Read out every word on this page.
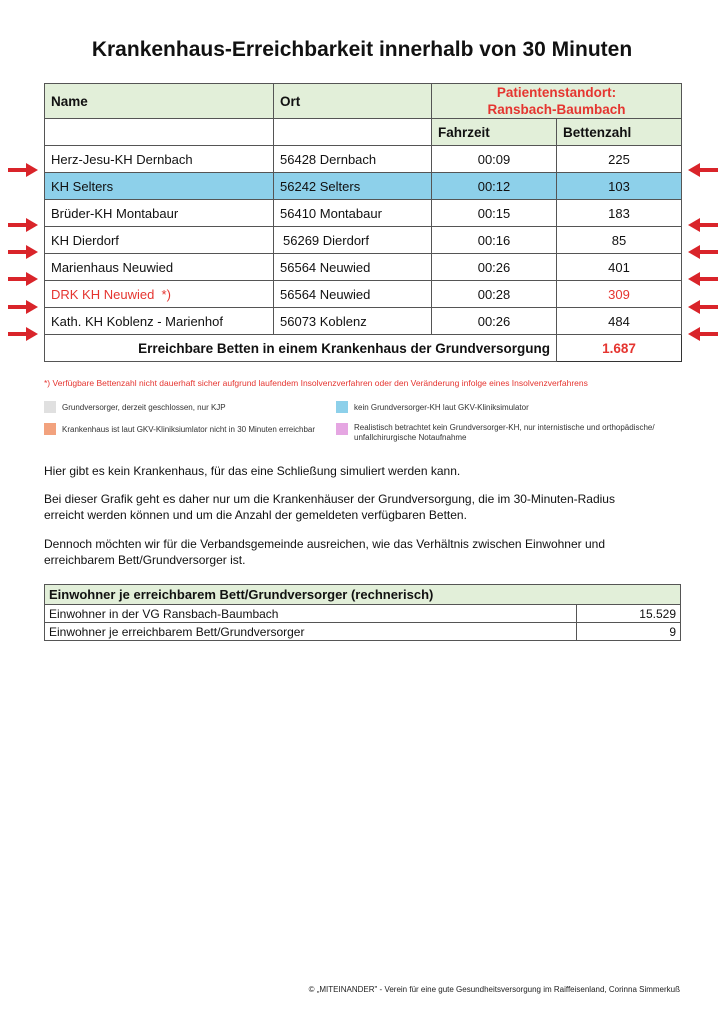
Krankenhaus-Erreichbarkeit innerhalb von 30 Minuten
Name	Ort	Patientenstandort:
Ransbach-Baumbach	
		Fahrzeit	Bettenzahl
Herz-Jesu-KH Dernbach	56428 Dernbach	00:09	225
KH Selters	56242 Selters	00:12	103
Brüder-KH Montabaur	56410 Montabaur	00:15	183
KH Dierdorf	56269 Dierdorf	00:16	85
Marienhaus Neuwied	56564 Neuwied	00:26	401
DRK KH Neuwied  *)	56564 Neuwied	00:28	309
Kath. KH Koblenz - Marienhof	56073 Koblenz	00:26	484
Erreichbare Betten in einem Krankenhaus der Grundversorgung			1.687
*) Verfügbare Bettenzahl nicht dauerhaft sicher aufgrund laufendem Insolvenzverfahren oder den Veränderung infolge eines Insolvenzverfahrens
Grundversorger, derzeit geschlossen, nur KJP	kein Grundversorger-KH laut GKV-Kliniksimulator
Krankenhaus ist laut GKV-Kliniksiumlator nicht in 30 Minuten erreichbar	Realistisch betrachtet kein Grundversorger-KH, nur internistische und orthopädische/
unfallchirurgische Notaufnahme
Hier gibt es kein Krankenhaus, für das eine Schließung simuliert werden kann.
Bei dieser Grafik geht es daher nur um die Krankenhäuser der Grundversorgung, die im 30-Minuten-Radius
erreicht werden können und um die Anzahl der gemeldeten verfügbaren Betten.
Dennoch möchten wir für die Verbandsgemeinde ausreichen, wie das Verhältnis zwischen Einwohner und
erreichbarem Bett/Grundversorger ist.
Einwohner je erreichbarem Bett/Grundversorger (rechnerisch)	
Einwohner in der VG Ransbach-Baumbach	15.529
Einwohner je erreichbarem Bett/Grundversorger	9
© „MITEINANDER" - Verein für eine gute Gesundheitsversorgung im Raiffeisenland, Corinna Simmerkuß
